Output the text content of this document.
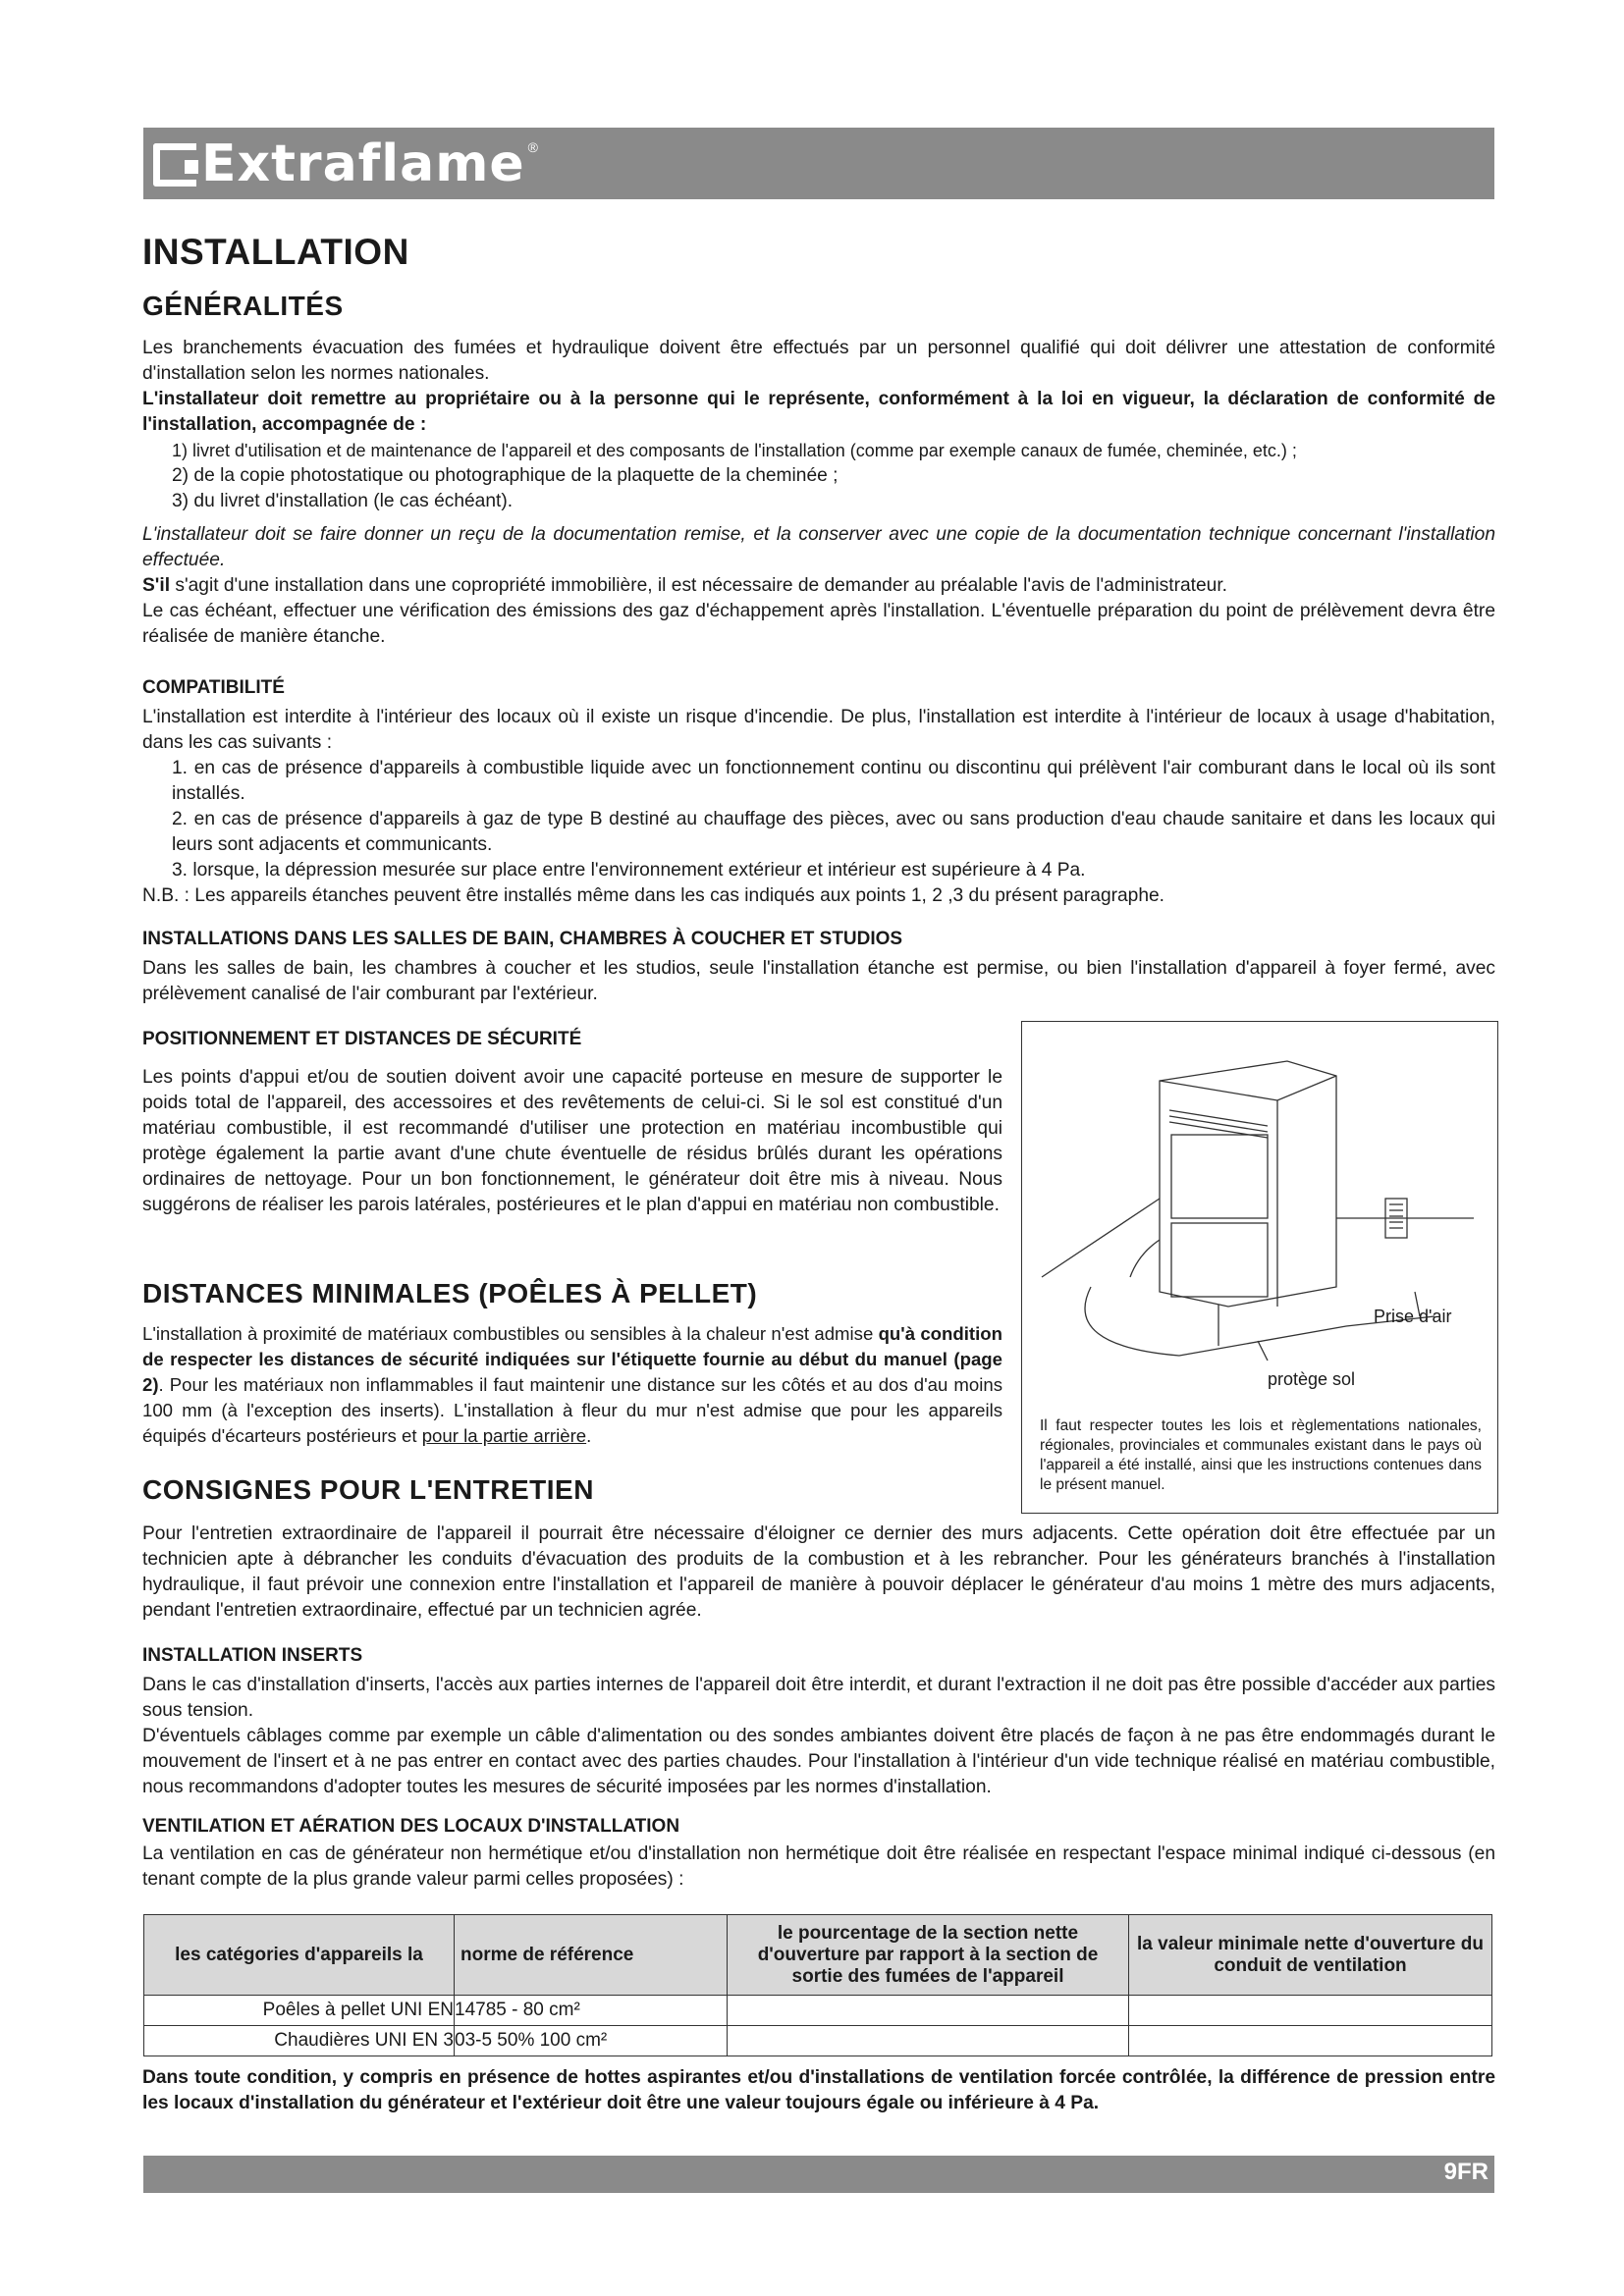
Extraflame ®
INSTALLATION
GÉNÉRALITÉS

Les branchements évacuation des fumées et hydraulique doivent être effectués par un personnel qualifié qui doit délivrer une attestation de conformité d'installation selon les normes nationales.

L'installateur doit remettre au propriétaire ou à la personne qui le représente, conformément à la loi en vigueur, la déclaration de conformité de l'installation, accompagnée de :

1) livret d'utilisation et de maintenance de l'appareil et des composants de l'installation (comme par exemple canaux de fumée, cheminée, etc.) ;

2) de la copie photostatique ou photographique de la plaquette de la cheminée ;

3) du livret d'installation (le cas échéant).

L'installateur doit se faire donner un reçu de la documentation remise, et la conserver avec une copie de la documentation technique concernant l'installation effectuée.

S'il s'agit d'une installation dans une copropriété immobilière, il est nécessaire de demander au préalable l'avis de l'administrateur.

Le cas échéant, effectuer une vérification des émissions des gaz d'échappement après l'installation. L'éventuelle préparation du point de prélèvement devra être réalisée de manière étanche.

COMPATIBILITÉ

L'installation est interdite à l'intérieur des locaux où il existe un risque d'incendie. De plus, l'installation est interdite à l'intérieur de locaux à usage d'habitation, dans les cas suivants :

1. en cas de présence d'appareils à combustible liquide avec un fonctionnement continu ou discontinu qui prélèvent l'air comburant dans le local où ils sont installés.

2. en cas de présence d'appareils à gaz de type B destiné au chauffage des pièces, avec ou sans production d'eau chaude sanitaire et dans les locaux qui leurs sont adjacents et communicants.

3. lorsque, la dépression mesurée sur place entre l'environnement extérieur et intérieur est supérieure à 4 Pa.

N.B. : Les appareils étanches peuvent être installés même dans les cas indiqués aux points 1, 2 ,3 du présent paragraphe.

INSTALLATIONS DANS LES SALLES DE BAIN, CHAMBRES À COUCHER ET STUDIOS

Dans les salles de bain, les chambres à coucher et les studios, seule l'installation étanche est permise, ou bien l'installation d'appareil à foyer fermé, avec prélèvement canalisé de l'air comburant par l'extérieur.

POSITIONNEMENT ET DISTANCES DE SÉCURITÉ

Les points d'appui et/ou de soutien doivent avoir une capacité porteuse en mesure de supporter le poids total de l'appareil, des accessoires et des revêtements de celui-ci. Si le sol est constitué d'un matériau combustible, il est recommandé d'utiliser une protection en matériau incombustible qui protège également la partie avant d'une chute éventuelle de résidus brûlés durant les opérations ordinaires de nettoyage. Pour un bon fonctionnement, le générateur doit être mis à niveau. Nous suggérons de réaliser les parois latérales, postérieures et le plan d'appui en matériau non combustible.

Prise d'air
protège sol
Il faut respecter toutes les lois et règlementations nationales, régionales, provinciales et communales existant dans le pays où l'appareil a été installé, ainsi que les instructions contenues dans le présent manuel.
DISTANCES MINIMALES (POÊLES À PELLET)

L'installation à proximité de matériaux combustibles ou sensibles à la chaleur n'est admise qu'à condition de respecter les distances de sécurité indiquées sur l'étiquette fournie au début du manuel (page 2). Pour les matériaux non inflammables il faut maintenir une distance sur les côtés et au dos d'au moins 100 mm (à l'exception des inserts). L'installation à fleur du mur n'est admise que pour les appareils équipés d'écarteurs postérieurs et pour la partie arrière.

CONSIGNES POUR L'ENTRETIEN

Pour l'entretien extraordinaire de l'appareil il pourrait être nécessaire d'éloigner ce dernier des murs adjacents. Cette opération doit être effectuée par un technicien apte à débrancher les conduits d'évacuation des produits de la combustion et à les rebrancher. Pour les générateurs branchés à l'installation hydraulique, il faut prévoir une connexion entre l'installation et l'appareil de manière à pouvoir déplacer le générateur d'au moins 1 mètre des murs adjacents, pendant l'entretien extraordinaire, effectué par un technicien agrée.

INSTALLATION INSERTS

Dans le cas d'installation d'inserts, l'accès aux parties internes de l'appareil doit être interdit, et durant l'extraction il ne doit pas être possible d'accéder aux parties sous tension.

D'éventuels câblages comme par exemple un câble d'alimentation ou des sondes ambiantes doivent être placés de façon à ne pas être endommagés durant le mouvement de l'insert et à ne pas entrer en contact avec des parties chaudes. Pour l'installation à l'intérieur d'un vide technique réalisé en matériau combustible, nous recommandons d'adopter toutes les mesures de sécurité imposées par les normes d'installation.

VENTILATION ET AÉRATION DES LOCAUX D'INSTALLATION

La ventilation en cas de générateur non hermétique et/ou d'installation non hermétique doit être réalisée en respectant l'espace minimal indiqué ci-dessous (en tenant compte de la plus grande valeur parmi celles proposées) :

les catégories d'appareils la	norme de référence	le pourcentage de la section nette d'ouverture par rapport à la section de sortie des fumées de l'appareil	la valeur minimale nette d'ouverture du conduit de ventilation
Poêles à pellet UNI EN	14785 - 80 cm²		
Chaudières UNI EN 3	03-5 50% 100 cm²		

Dans toute condition, y compris en présence de hottes aspirantes et/ou d'installations de ventilation forcée contrôlée, la différence de pression entre les locaux d'installation du générateur et l'extérieur doit être une valeur toujours égale ou inférieure à 4 Pa.

9FR
